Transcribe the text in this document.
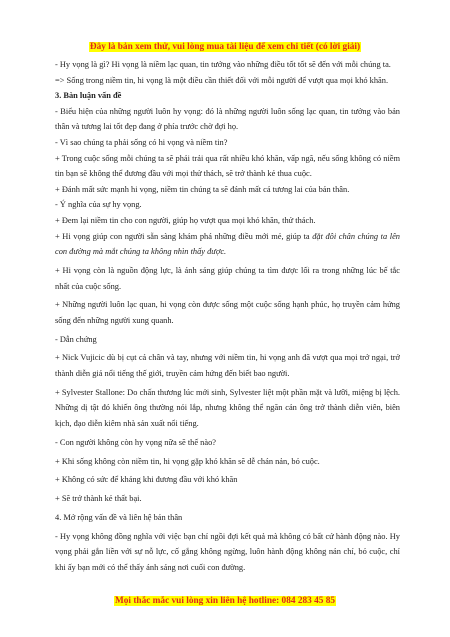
Đây là bản xem thử, vui lòng mua tài liệu để xem chi tiết (có lời giải)

- Hy vọng là gì? Hi vọng là niềm lạc quan, tin tưởng vào những điều tốt tốt sẽ đến với mỗi chúng ta.

=> Sống trong niềm tin, hi vọng là một điều cần thiết đối với mỗi người để vượt qua mọi khó khăn.

3. Bàn luận vấn đề

- Biểu hiện của những người luôn hy vọng: đó là những người luôn sống lạc quan, tin tưởng vào bản thân và tương lai tốt đẹp đang ở phía trước chờ đợi họ.

- Vì sao chúng ta phải sống có hi vọng và niềm tin?

+ Trong cuộc sống mỗi chúng ta sẽ phải trải qua rất nhiều khó khăn, vấp ngã, nếu sống không có niềm tin bạn sẽ không thể đương đầu với mọi thử thách, sẽ trở thành kẻ thua cuộc.

+ Đánh mất sức mạnh hi vọng, niềm tin chúng ta sẽ đánh mất cả tương lai của bản thân.

- Ý nghĩa của sự hy vọng.

+ Đem lại niềm tin cho con người, giúp họ vượt qua mọi khó khăn, thử thách.

+ Hi vọng giúp con người sẵn sàng khám phá những điều mới mẻ, giúp ta đặt đôi chân chúng ta lên con đường mà mắt chúng ta không nhìn thấy được.

+ Hi vọng còn là nguồn động lực, là ánh sáng giúp chúng ta tìm được lối ra trong những lúc bế tắc nhất của cuộc sống.

+ Những người luôn lạc quan, hi vọng còn được sống một cuộc sống hạnh phúc, họ truyền cảm hứng sống đến những người xung quanh.

- Dẫn chứng

+ Nick Vujicic dù bị cụt cả chân và tay, nhưng với niềm tin, hi vọng anh đã vượt qua mọi trở ngại, trở thành diễn giả nổi tiếng thế giới, truyền cảm hứng đến biết bao người.

+ Sylvester Stallone: Do chấn thương lúc mới sinh, Sylvester liệt một phần mặt và lưỡi, miệng bị lệch. Những dị tật đó khiến ông thường nói lắp, nhưng không thể ngăn cản ông trở thành diễn viên, biên kịch, đạo diễn kiêm nhà sản xuất nổi tiếng.

- Con người không còn hy vọng nữa sẽ thế nào?

+ Khi sống không còn niềm tin, hi vọng gặp khó khăn sẽ dễ chán nản, bỏ cuộc.

+ Không có sức để kháng khi đương đầu với khó khăn

+ Sẽ trở thành kẻ thất bại.

4. Mở rộng vấn đề và liên hệ bản thân

- Hy vọng không đồng nghĩa với việc bạn chỉ ngồi đợi kết quả mà không có bất cứ hành động nào. Hy vọng phải gắn liền với sự nỗ lực, cố gắng không ngừng, luôn hành động không nản chí, bỏ cuộc, chỉ khi ấy bạn mới có thể thấy ánh sáng nơi cuối con đường.

Mọi thắc mắc vui lòng xin liên hệ hotline: 084 283 45 85
